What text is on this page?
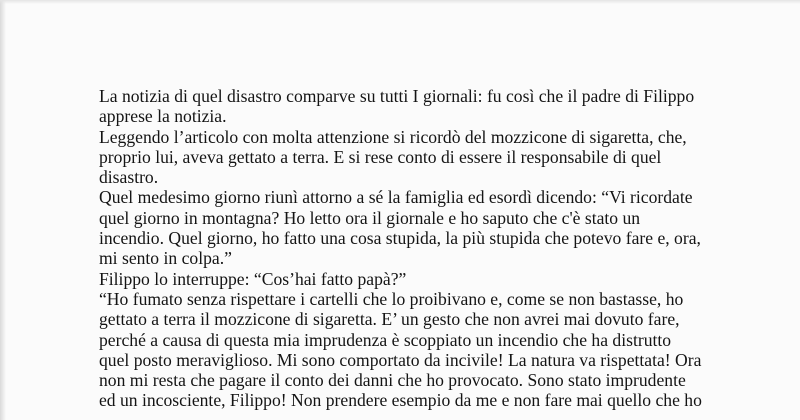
La notizia di quel disastro comparve su tutti I giornali: fu così che il padre di Filippo
apprese la notizia.
Leggendo l’articolo con molta attenzione si ricordò del mozzicone di sigaretta, che,
proprio lui, aveva gettato a terra. E si rese conto di essere il responsabile di quel
disastro.
Quel medesimo giorno riunì attorno a sé la famiglia ed esordì dicendo: “Vi ricordate
quel giorno in montagna? Ho letto ora il giornale e ho saputo che c'è stato un
incendio. Quel giorno, ho fatto una cosa stupida, la più stupida che potevo fare e, ora,
mi sento in colpa.”
Filippo lo interruppe: “Cos’hai fatto papà?”
“Ho fumato senza rispettare i cartelli che lo proibivano e, come se non bastasse, ho
gettato a terra il mozzicone di sigaretta. E’ un gesto che non avrei mai dovuto fare,
perché a causa di questa mia imprudenza è scoppiato un incendio che ha distrutto
quel posto meraviglioso. Mi sono comportato da incivile! La natura va rispettata! Ora
non mi resta che pagare il conto dei danni che ho provocato. Sono stato imprudente
ed un incosciente, Filippo! Non prendere esempio da me e non fare mai quello che ho
